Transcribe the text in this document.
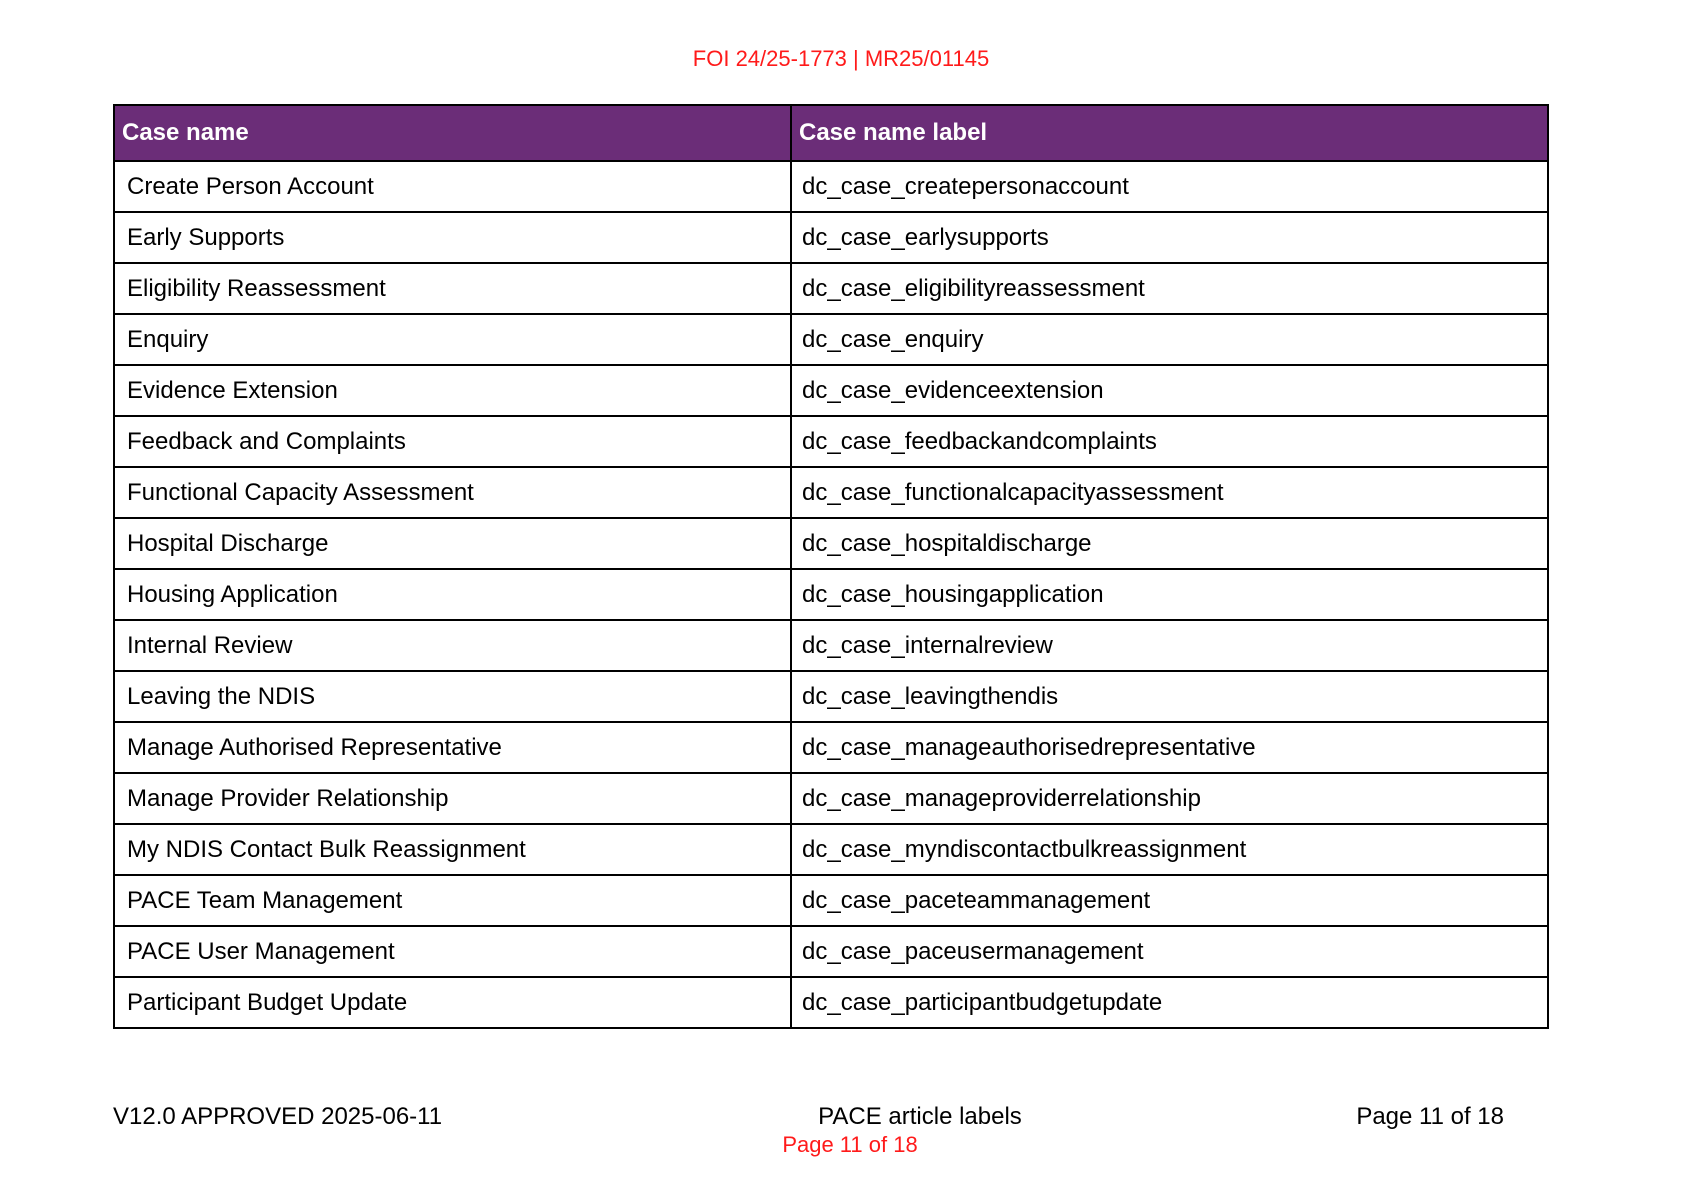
FOI 24/25-1773 | MR25/01145
Case name	Case name label
Create Person Account	dc_case_createpersonaccount
Early Supports	dc_case_earlysupports
Eligibility Reassessment	dc_case_eligibilityreassessment
Enquiry	dc_case_enquiry
Evidence Extension	dc_case_evidenceextension
Feedback and Complaints	dc_case_feedbackandcomplaints
Functional Capacity Assessment	dc_case_functionalcapacityassessment
Hospital Discharge	dc_case_hospitaldischarge
Housing Application	dc_case_housingapplication
Internal Review	dc_case_internalreview
Leaving the NDIS	dc_case_leavingthendis
Manage Authorised Representative	dc_case_manageauthorisedrepresentative
Manage Provider Relationship	dc_case_manageproviderrelationship
My NDIS Contact Bulk Reassignment	dc_case_myndiscontactbulkreassignment
PACE Team Management	dc_case_paceteammanagement
PACE User Management	dc_case_paceusermanagement
Participant Budget Update	dc_case_participantbudgetupdate
V12.0 APPROVED 2025-06-11	PACE article labels	Page 11 of 18
Page 11 of 18
